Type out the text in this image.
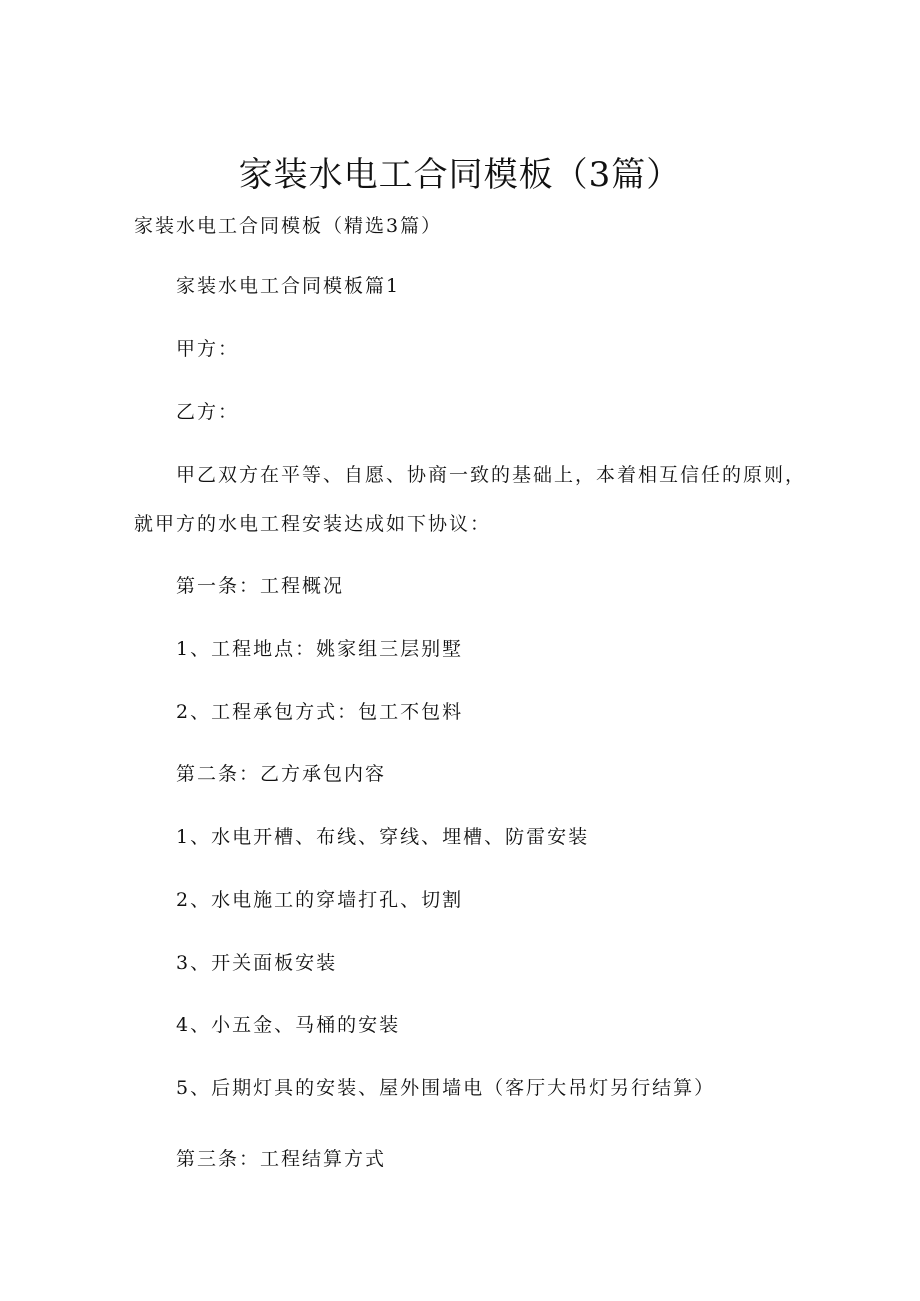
家装水电工合同模板（3篇）

家装水电工合同模板（精选3篇）

家装水电工合同模板篇1

甲方：

乙方：

甲乙双方在平等、自愿、协商一致的基础上，本着相互信任的原则，

就甲方的水电工程安装达成如下协议：

第一条：工程概况

1、工程地点：姚家组三层别墅

2、工程承包方式：包工不包料

第二条：乙方承包内容

1、水电开槽、布线、穿线、埋槽、防雷安装

2、水电施工的穿墙打孔、切割

3、开关面板安装

4、小五金、马桶的安装

5、后期灯具的安装、屋外围墙电（客厅大吊灯另行结算）

第三条：工程结算方式
